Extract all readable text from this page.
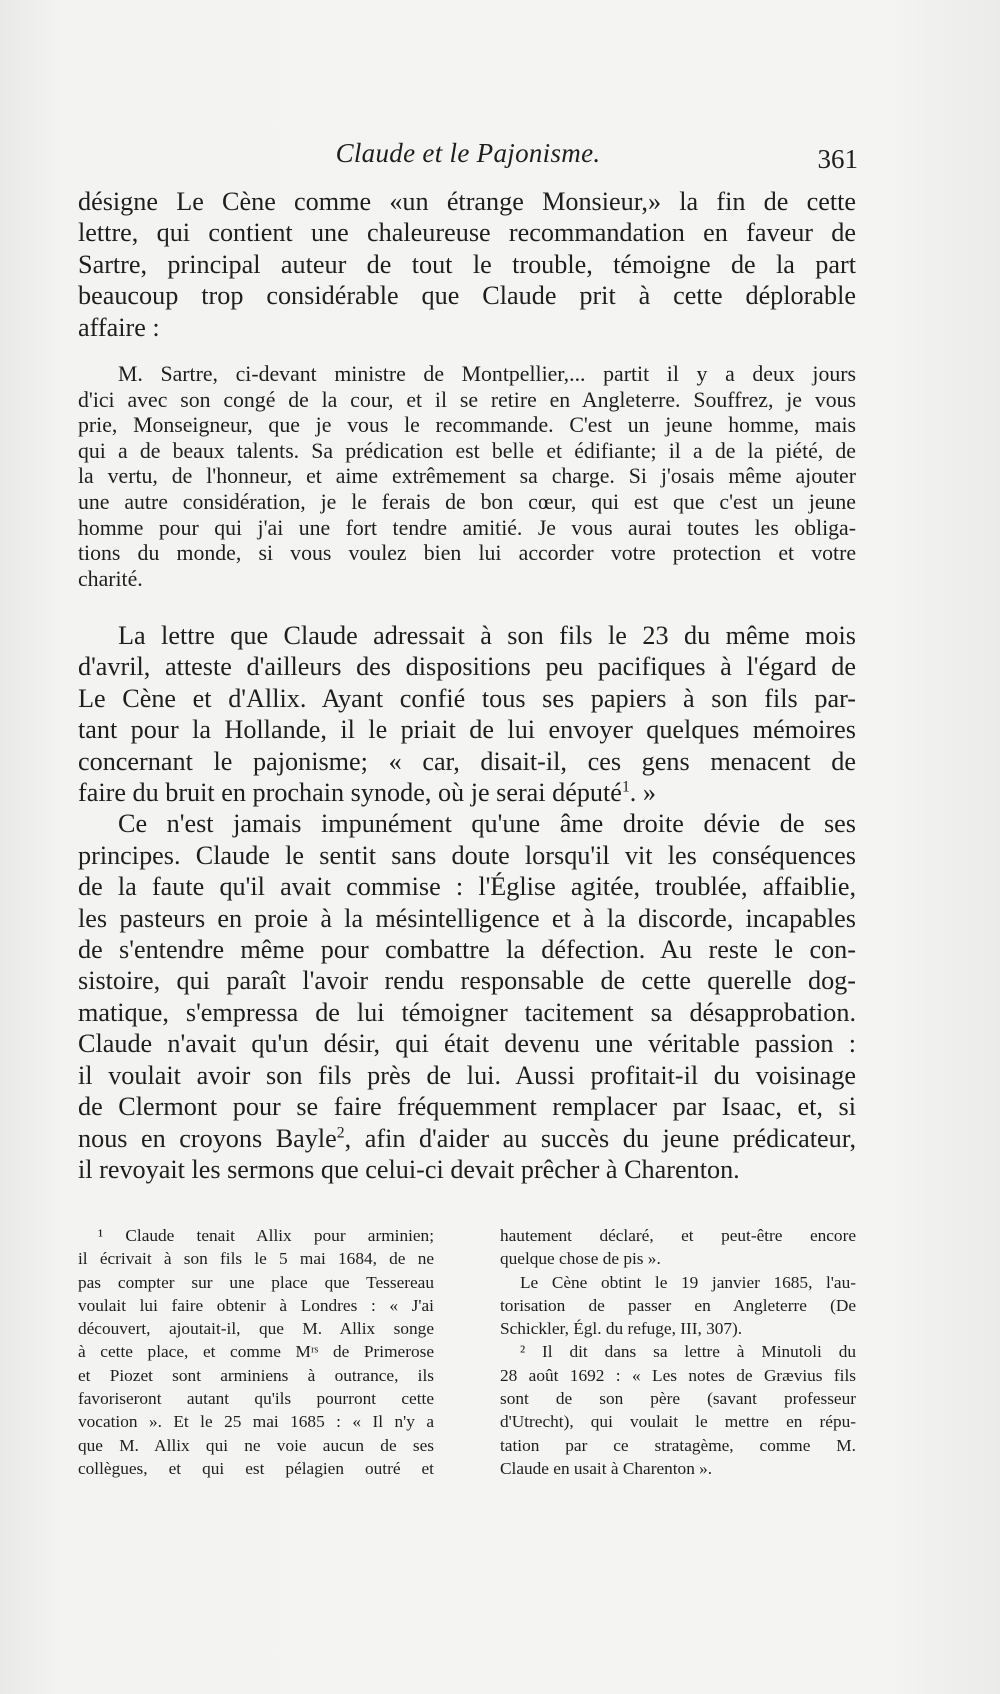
Claude et le Pajonisme.	361

désigne Le Cène comme «un étrange Monsieur,» la fin de cette
lettre, qui contient une chaleureuse recommandation en faveur de
Sartre, principal auteur de tout le trouble, témoigne de la part
beaucoup trop considérable que Claude prit à cette déplorable
affaire :

M. Sartre, ci-devant ministre de Montpellier,... partit il y a deux jours
d'ici avec son congé de la cour, et il se retire en Angleterre. Souffrez, je vous
prie, Monseigneur, que je vous le recommande. C'est un jeune homme, mais
qui a de beaux talents. Sa prédication est belle et édifiante; il a de la piété, de
la vertu, de l'honneur, et aime extrêmement sa charge. Si j'osais même ajouter
une autre considération, je le ferais de bon cœur, qui est que c'est un jeune
homme pour qui j'ai une fort tendre amitié. Je vous aurai toutes les obliga-
tions du monde, si vous voulez bien lui accorder votre protection et votre
charité.

La lettre que Claude adressait à son fils le 23 du même mois
d'avril, atteste d'ailleurs des dispositions peu pacifiques à l'égard de
Le Cène et d'Allix. Ayant confié tous ses papiers à son fils par-
tant pour la Hollande, il le priait de lui envoyer quelques mémoires
concernant le pajonisme; « car, disait-il, ces gens menacent de
faire du bruit en prochain synode, où je serai député$^1$. »

Ce n'est jamais impunément qu'une âme droite dévie de ses
principes. Claude le sentit sans doute lorsqu'il vit les conséquences
de la faute qu'il avait commise : l'Église agitée, troublée, affaiblie,
les pasteurs en proie à la mésintelligence et à la discorde, incapables
de s'entendre même pour combattre la défection. Au reste le con-
sistoire, qui paraît l'avoir rendu responsable de cette querelle dog-
matique, s'empressa de lui témoigner tacitement sa désapprobation.
Claude n'avait qu'un désir, qui était devenu une véritable passion :
il voulait avoir son fils près de lui. Aussi profitait-il du voisinage
de Clermont pour se faire fréquemment remplacer par Isaac, et, si
nous en croyons Bayle$^2$, afin d'aider au succès du jeune prédicateur,
il revoyait les sermons que celui-ci devait prêcher à Charenton.

¹ Claude tenait Allix pour arminien;
il écrivait à son fils le 5 mai 1684, de ne
pas compter sur une place que Tessereau
voulait lui faire obtenir à Londres : « J'ai
découvert, ajoutait-il, que M. Allix songe
à cette place, et comme Mʳˢ de Primerose
et Piozet sont arminiens à outrance, ils
favoriseront autant qu'ils pourront cette
vocation ». Et le 25 mai 1685 : « Il n'y a
que M. Allix qui ne voie aucun de ses
collègues, et qui est pélagien outré et
hautement déclaré, et peut-être encore
quelque chose de pis ».
Le Cène obtint le 19 janvier 1685, l'au-
torisation de passer en Angleterre (De
Schickler, Égl. du refuge, III, 307).
² Il dit dans sa lettre à Minutoli du
28 août 1692 : « Les notes de Grævius fils
sont de son père (savant professeur
d'Utrecht), qui voulait le mettre en répu-
tation par ce stratagème, comme M.
Claude en usait à Charenton ».
